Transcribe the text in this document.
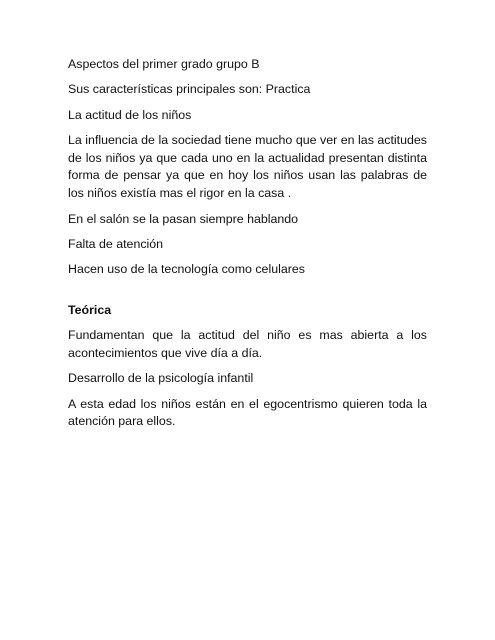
Aspectos del primer grado grupo B

Sus características principales son: Practica

La actitud de los niños

La influencia de la sociedad tiene mucho que ver en las actitudes de los niños ya que cada uno en la actualidad presentan distinta forma de pensar ya que en hoy los niños usan las palabras de los niños existía mas el rigor en la casa .

En el salón se la pasan siempre hablando

Falta de atención

Hacen uso de la tecnología como celulares

Teórica

Fundamentan que la actitud del niño es mas abierta a los acontecimientos que vive día a día.

Desarrollo de la psicología infantil

A esta edad los niños están en el egocentrismo quieren toda la atención para ellos.
